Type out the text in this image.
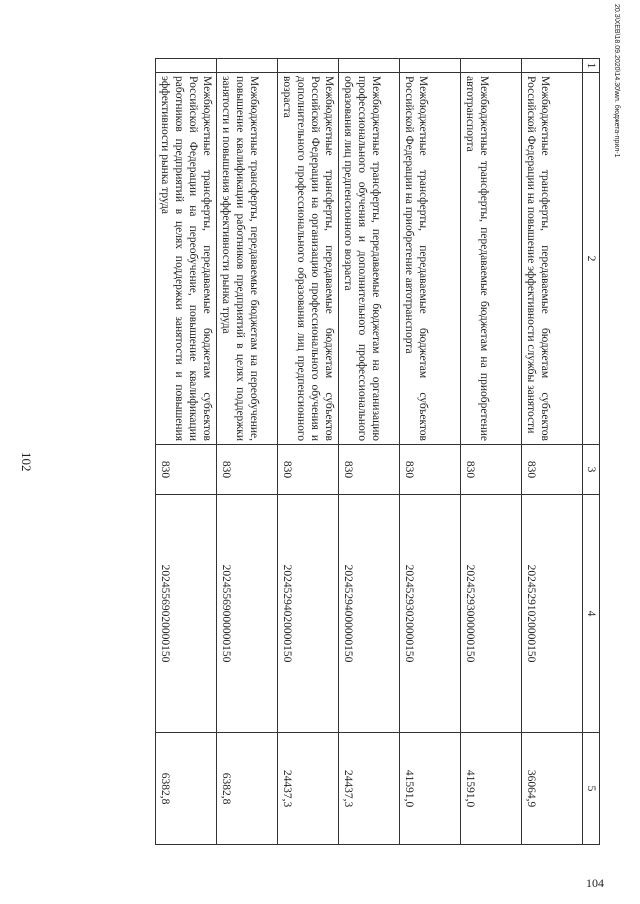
102
20.3\ХЕВ\18.09.2020\14.30\мл. бюджета-прил-1
104
1	2	3	4	5
	Межбюджетные трансферты, передаваемые бюджетам субъектов Российской Федерации на повышение эффективности службы занятости	830	20245291020000150	36064,9
	Межбюджетные трансферты, передаваемые бюджетам на приобретение автотранспорта	830	20245293000000150	41591,0
	Межбюджетные трансферты, передаваемые бюджетам субъектов Российской Федерации на приобретение автотранспорта	830	20245293020000150	41591,0
	Межбюджетные трансферты, передаваемые бюджетам на организацию профессионального обучения и дополнительного профессионального образования лиц предпенсионного возраста	830	20245294000000150	24437,3
	Межбюджетные трансферты, передаваемые бюджетам субъектов Российской Федерации на организацию профессионального обучения и дополнительного профессионального образования лиц предпенсионного возраста	830	20245294020000150	24437,3
	Межбюджетные трансферты, передаваемые бюджетам на переобучение, повышение квалификации работников предприятий в целях поддержки занятости и повышения эффективности рынка труда	830	20245569000000150	6382,8
	Межбюджетные трансферты, передаваемые бюджетам субъектов Российской Федерации на переобучение, повышение квалификации работников предприятий в целях поддержки занятости и повышения эффективности рынка труда	830	20245569020000150	6382,8
